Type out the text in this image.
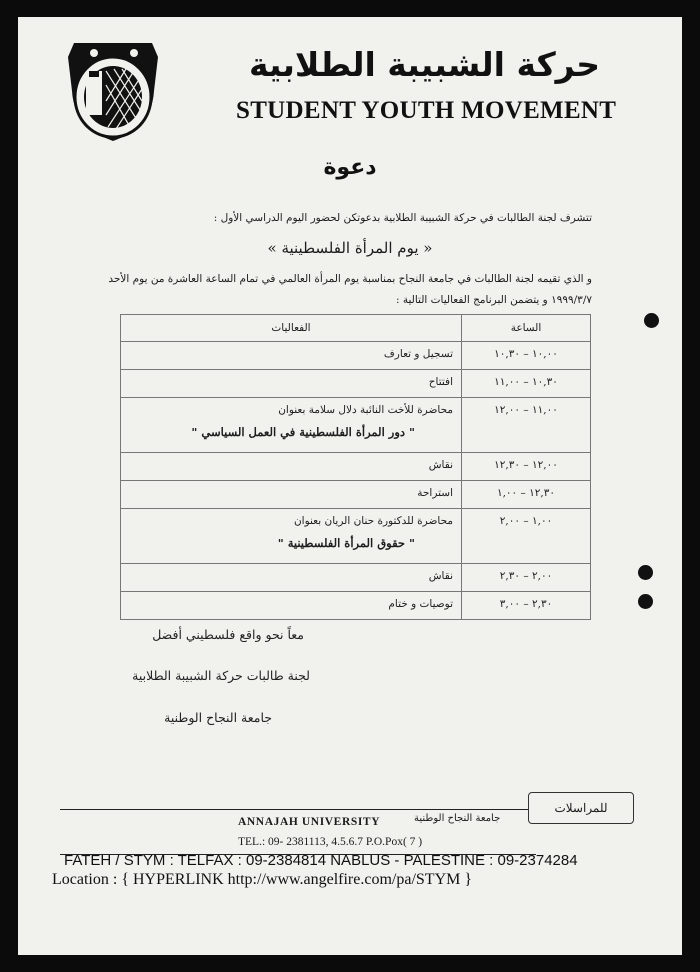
حركة الشبيبة الطلابية
STUDENT YOUTH MOVEMENT
دعوة
تتشرف لجنة الطالبات في حركة الشبيبة الطلابية بدعوتكن لحضور اليوم الدراسي الأول :
« يوم المرأة الفلسطينية »
و الذي تقيمه لجنة الطالبات في جامعة النجاح بمناسبة يوم المرأة العالمي في تمام الساعة العاشرة من يوم الأحد
١٩٩٩/٣/٧ و يتضمن البرنامج الفعاليات التالية :
الساعة	الفعاليات
١٠,٠٠ – ١٠,٣٠	تسجيل و تعارف
١٠,٣٠ – ١١,٠٠	افتتاح
١١,٠٠ – ١٢,٠٠	محاضرة للأخت النائبة دلال سلامة بعنوان
" دور المرأة الفلسطينية في العمل السياسي "

١٢,٠٠ – ١٢,٣٠	نقاش
١٢,٣٠ – ١,٠٠	استراحة
١,٠٠ – ٢,٠٠	محاضرة للدكتورة حنان الريان بعنوان
" حقوق المرأة الفلسطينية "

٢,٠٠ – ٢,٣٠	نقاش
٢,٣٠ – ٣,٠٠	توصيات و ختام
معاً نحو واقع فلسطيني أفضل
لجنة طالبات حركة الشبيبة الطلابية
جامعة النجاح الوطنية
للمراسلات
ANNAJAH UNIVERSITY	جامعة النجاح الوطنية
TEL.: 09- 2381113, 4.5.6.7 P.O.Pox( 7 )
FATEH / STYM : TELFAX : 09-2384814 NABLUS - PALESTINE : 09-2374284
Location : { HYPERLINK http://www.angelfire.com/pa/STYM }
